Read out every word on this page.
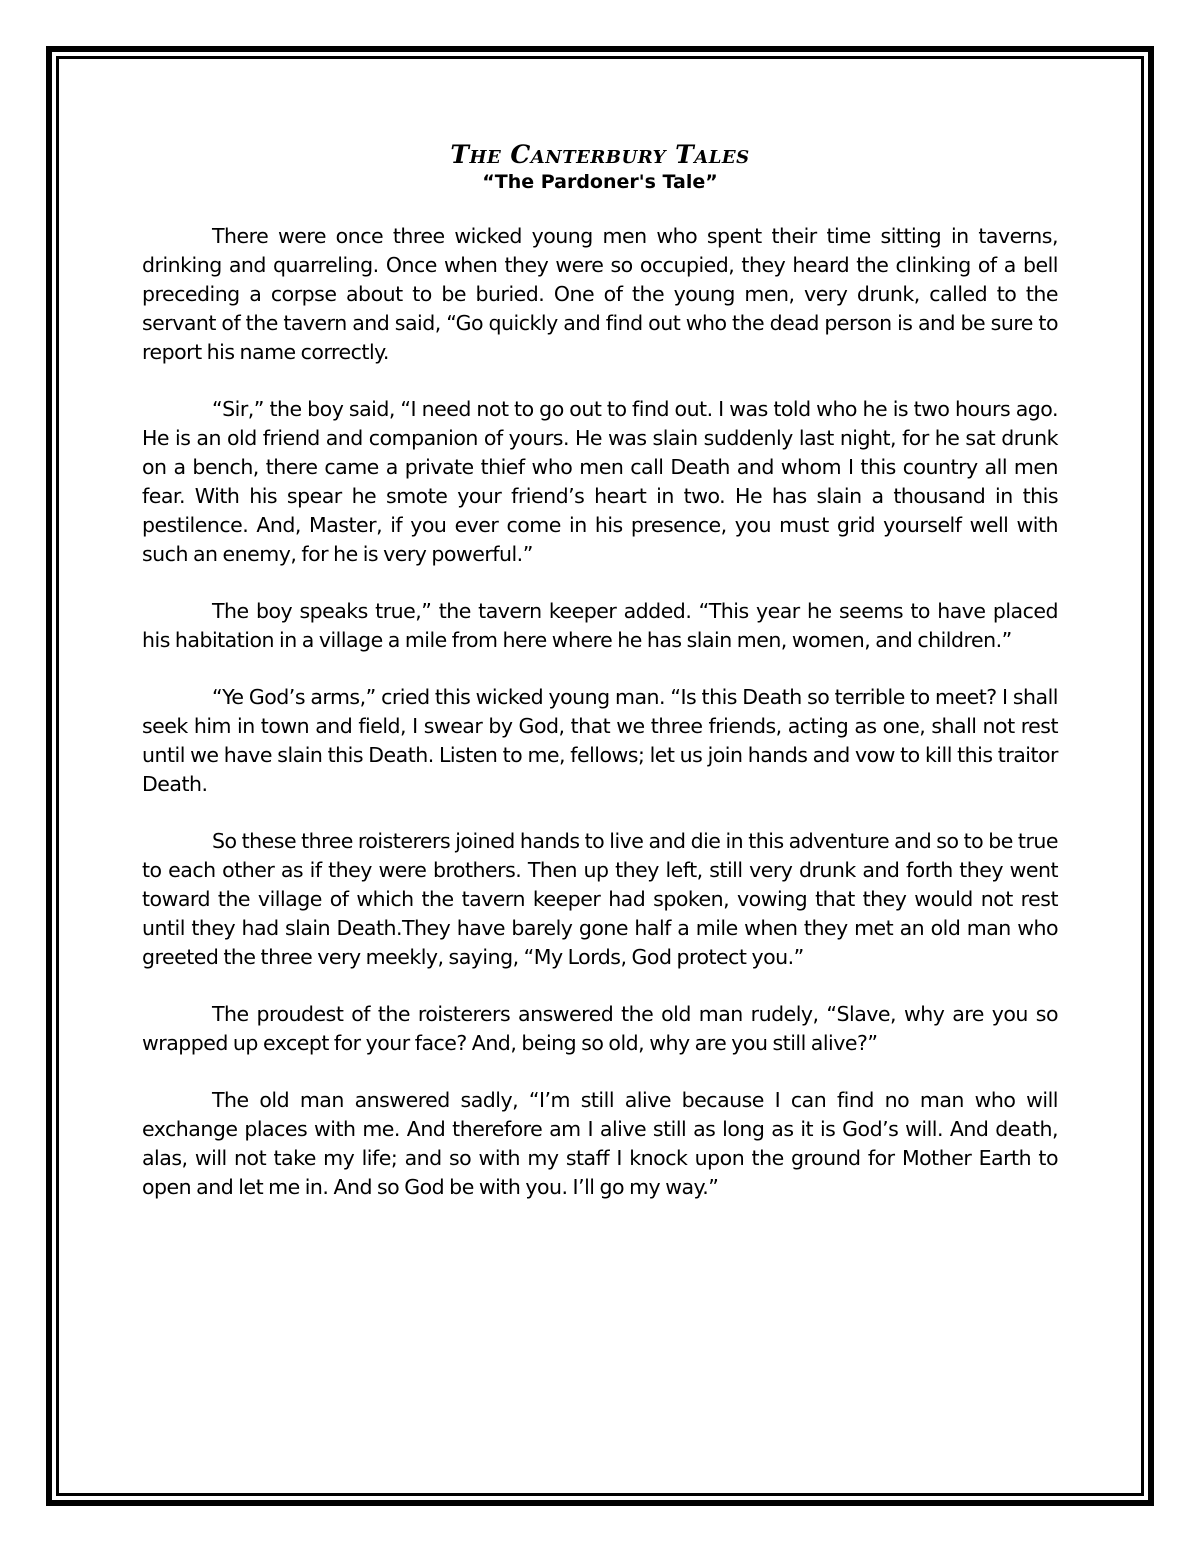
The Canterbury Tales

“The Pardoner's Tale”

There were once three wicked young men who spent their time sitting in taverns, drinking and quarreling. Once when they were so occupied, they heard the clinking of a bell preceding a corpse about to be buried. One of the young men, very drunk, called to the servant of the tavern and said, “Go quickly and find out who the dead person is and be sure to report his name correctly.

“Sir,” the boy said, “I need not to go out to find out. I was told who he is two hours ago. He is an old friend and companion of yours. He was slain suddenly last night, for he sat drunk on a bench, there came a private thief who men call Death and whom I this country all men fear. With his spear he smote your friend’s heart in two. He has slain a thousand in this pestilence. And, Master, if you ever come in his presence, you must grid yourself well with such an enemy, for he is very powerful.”

The boy speaks true,” the tavern keeper added. “This year he seems to have placed his habitation in a village a mile from here where he has slain men, women, and children.”

“Ye God’s arms,” cried this wicked young man. “Is this Death so terrible to meet? I shall seek him in town and field, I swear by God, that we three friends, acting as one, shall not rest until we have slain this Death. Listen to me, fellows; let us join hands and vow to kill this traitor Death.

So these three roisterers joined hands to live and die in this adventure and so to be true to each other as if they were brothers. Then up they left, still very drunk and forth they went toward the village of which the tavern keeper had spoken, vowing that they would not rest until they had slain Death.They have barely gone half a mile when they met an old man who greeted the three very meekly, saying, “My Lords, God protect you.”

The proudest of the roisterers answered the old man rudely, “Slave, why are you so wrapped up except for your face? And, being so old, why are you still alive?”

The old man answered sadly, “I’m still alive because I can find no man who will exchange places with me. And therefore am I alive still as long as it is God’s will. And death, alas, will not take my life; and so with my staff I knock upon the ground for Mother Earth to open and let me in. And so God be with you. I’ll go my way.”
